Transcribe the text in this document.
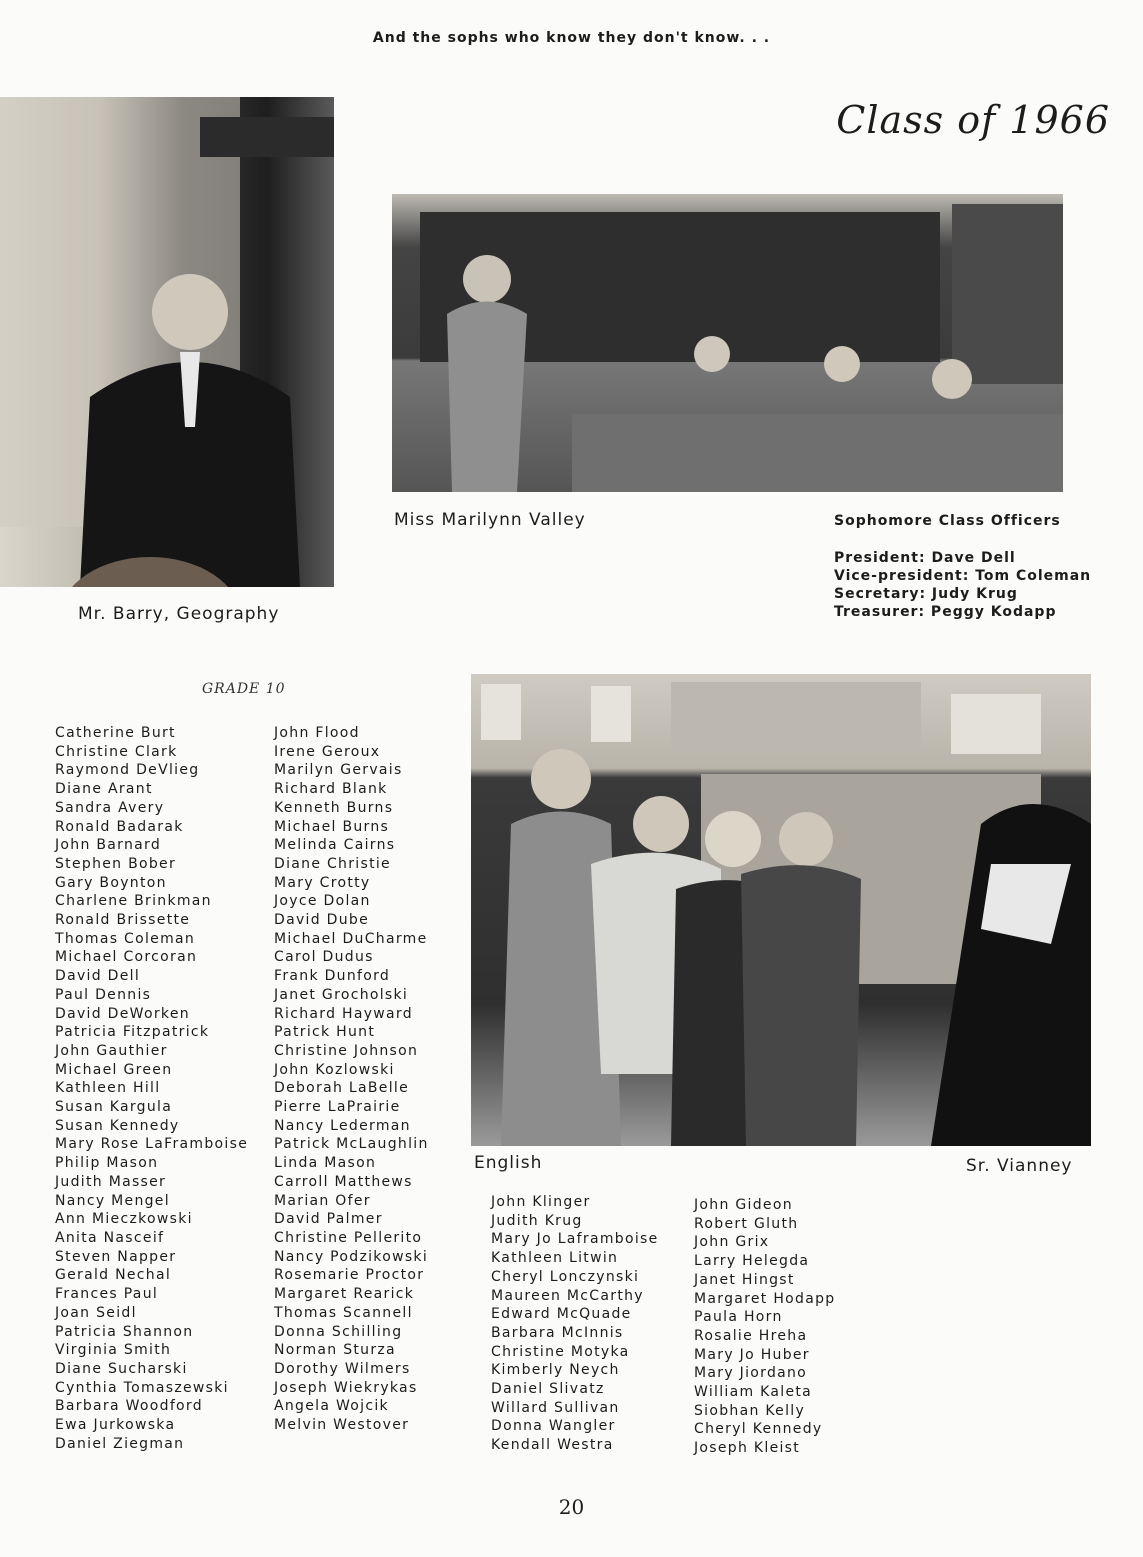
And the sophs who know they don't know. . .
Class of 1966
Mr. Barry, Geography
Miss Marilynn Valley	Sophomore Class Officers
President: Dave Dell
Vice-president: Tom Coleman
Secretary: Judy Krug
Treasurer: Peggy Kodapp
GRADE 10
English	Sr. Vianney
Catherine Burt
Christine Clark
Raymond DeVlieg
Diane Arant
Sandra Avery
Ronald Badarak
John Barnard
Stephen Bober
Gary Boynton
Charlene Brinkman
Ronald Brissette
Thomas Coleman
Michael Corcoran
David Dell
Paul Dennis
David DeWorken
Patricia Fitzpatrick
John Gauthier
Michael Green
Kathleen Hill
Susan Kargula
Susan Kennedy
Mary Rose LaFramboise
Philip Mason
Judith Masser
Nancy Mengel
Ann Mieczkowski
Anita Nasceif
Steven Napper
Gerald Nechal
Frances Paul
Joan Seidl
Patricia Shannon
Virginia Smith
Diane Sucharski
Cynthia Tomaszewski
Barbara Woodford
Ewa Jurkowska
Daniel Ziegman
John Flood
Irene Geroux
Marilyn Gervais
Richard Blank
Kenneth Burns
Michael Burns
Melinda Cairns
Diane Christie
Mary Crotty
Joyce Dolan
David Dube
Michael DuCharme
Carol Dudus
Frank Dunford
Janet Grocholski
Richard Hayward
Patrick Hunt
Christine Johnson
John Kozlowski
Deborah LaBelle
Pierre LaPrairie
Nancy Lederman
Patrick McLaughlin
Linda Mason
Carroll Matthews
Marian Ofer
David Palmer
Christine Pellerito
Nancy Podzikowski
Rosemarie Proctor
Margaret Rearick
Thomas Scannell
Donna Schilling
Norman Sturza
Dorothy Wilmers
Joseph Wiekrykas
Angela Wojcik
Melvin Westover
John Klinger
Judith Krug
Mary Jo Laframboise
Kathleen Litwin
Cheryl Lonczynski
Maureen McCarthy
Edward McQuade
Barbara McInnis
Christine Motyka
Kimberly Neych
Daniel Slivatz
Willard Sullivan
Donna Wangler
Kendall Westra
John Gideon
Robert Gluth
John Grix
Larry Helegda
Janet Hingst
Margaret Hodapp
Paula Horn
Rosalie Hreha
Mary Jo Huber
Mary Jiordano
William Kaleta
Siobhan Kelly
Cheryl Kennedy
Joseph Kleist
20
